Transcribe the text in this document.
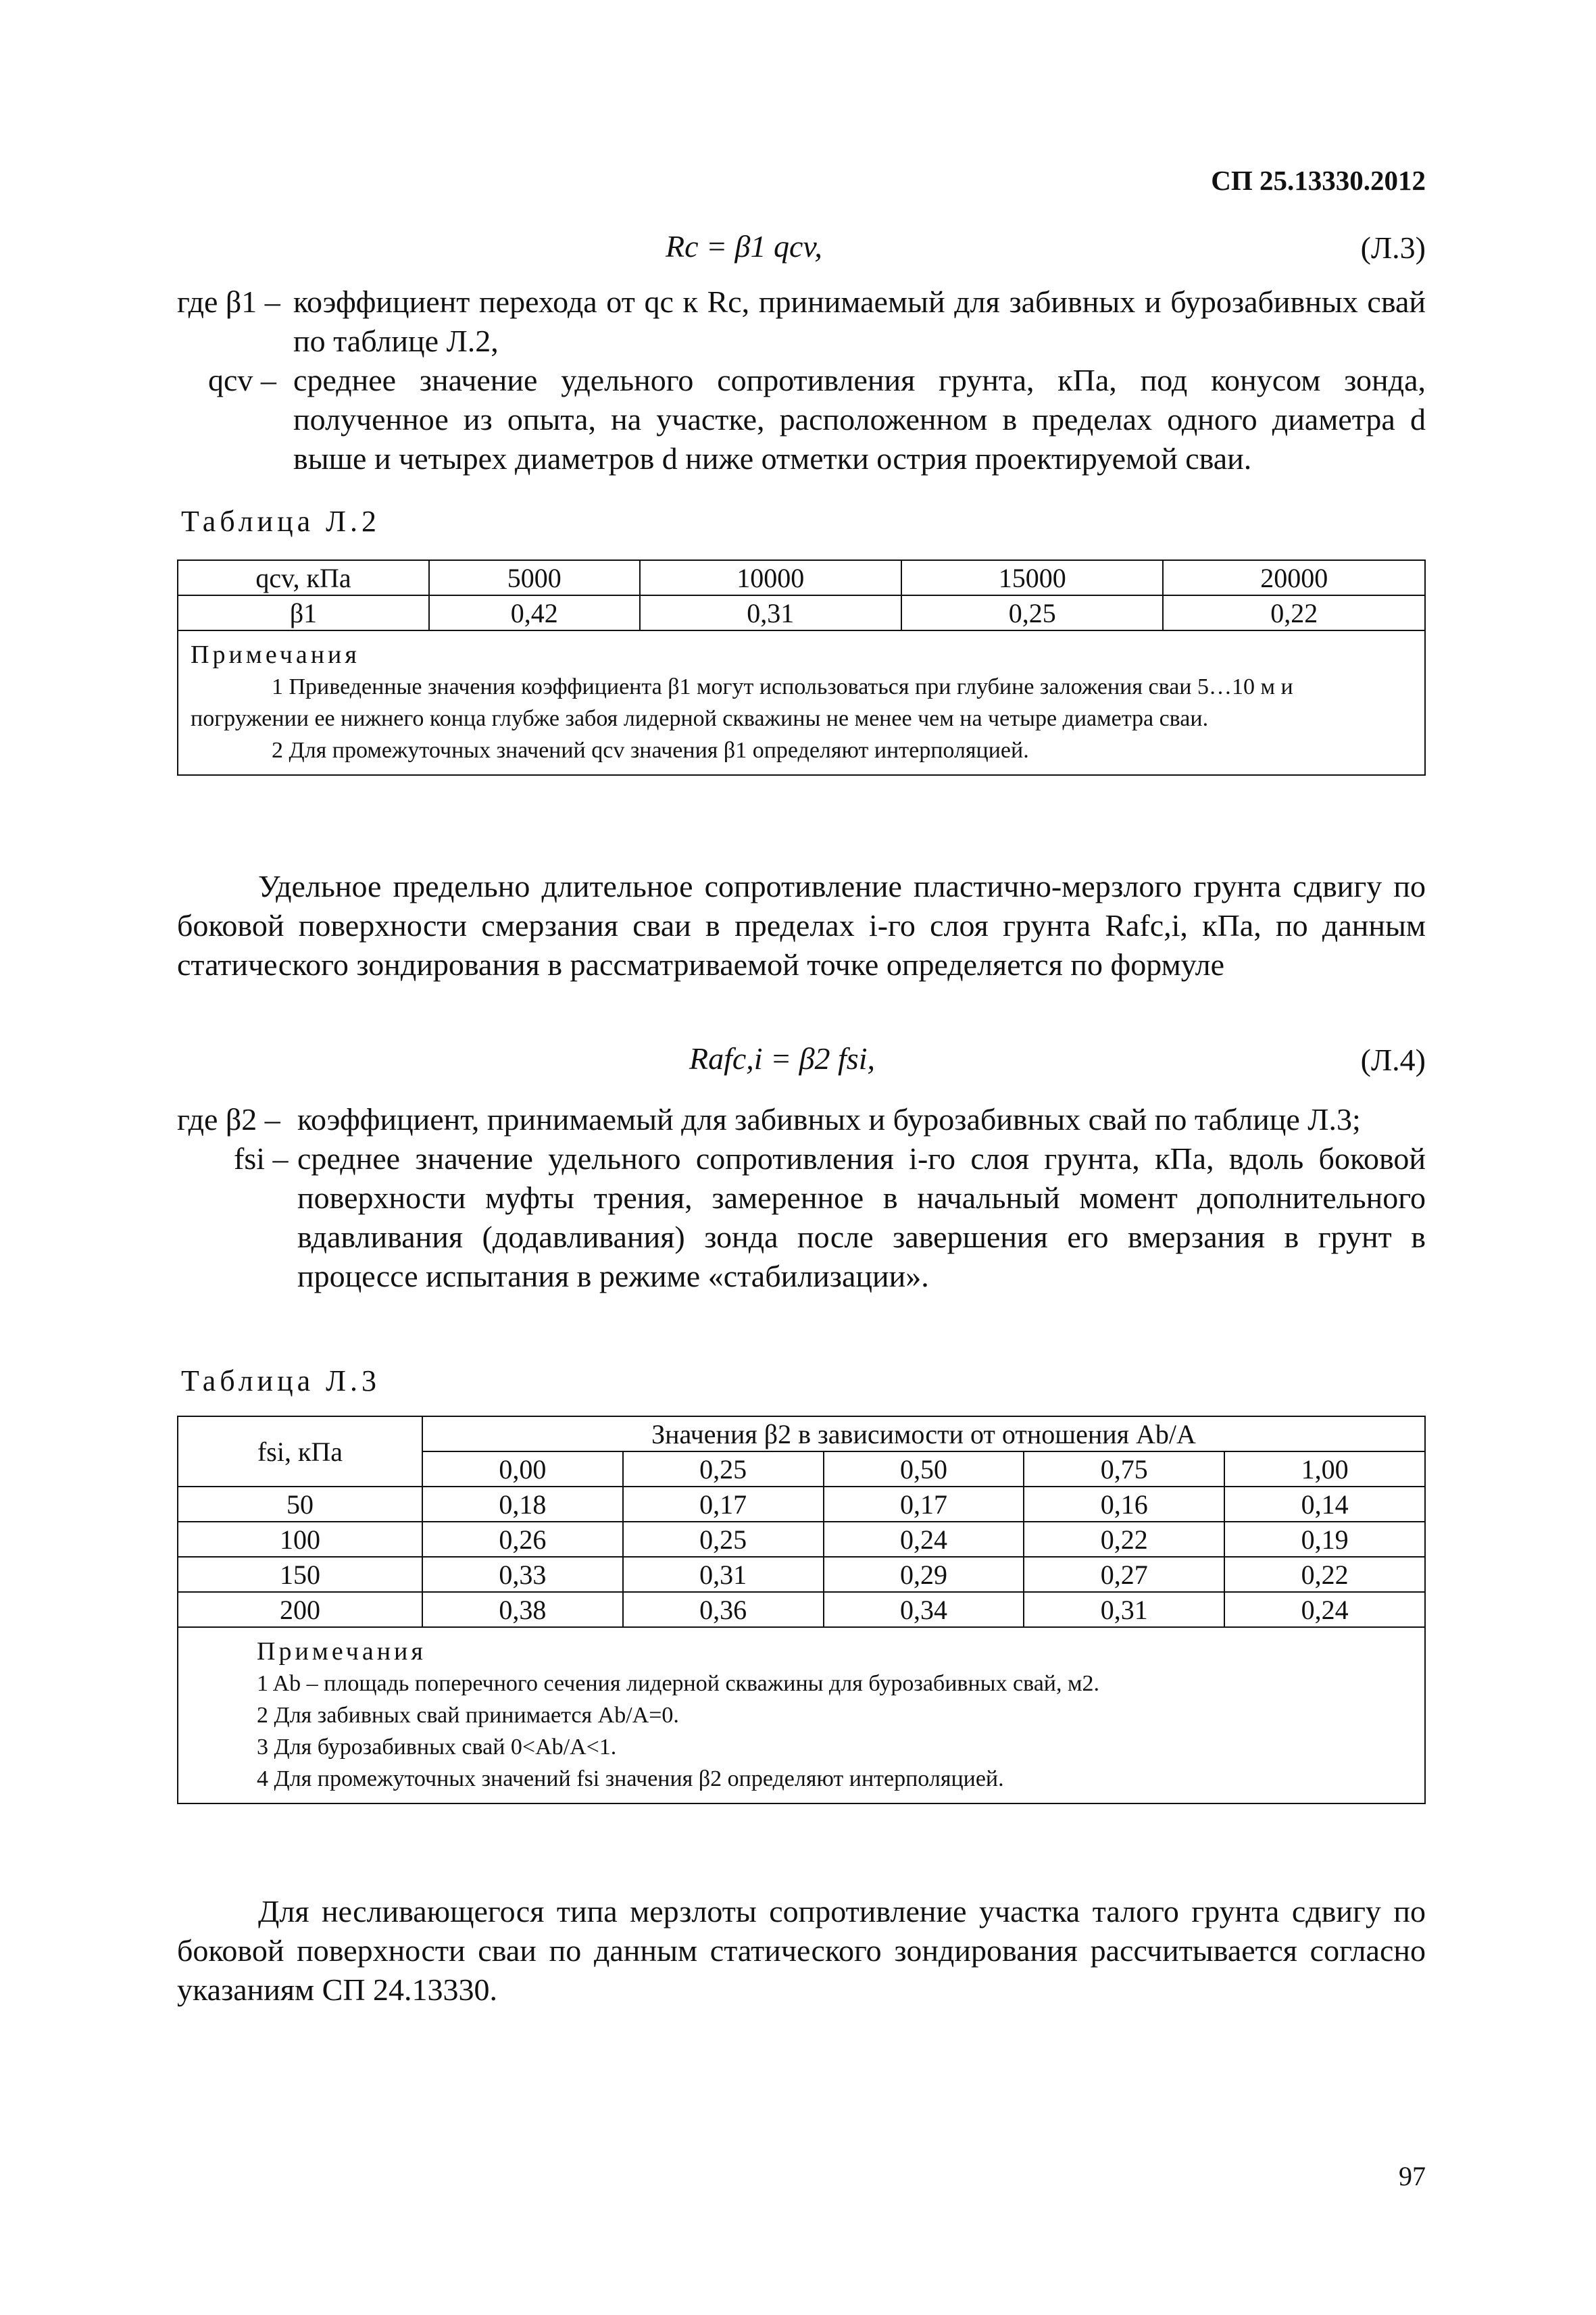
СП 25.13330.2012
Rc = β1 qcv,	(Л.3)
где β1 – коэффициент перехода от qc к Rc, принимаемый для забивных и бурозабивных свай по таблице Л.2,
qcv – среднее значение удельного сопротивления грунта, кПа, под конусом зонда, полученное из опыта, на участке, расположенном в пределах одного диаметра d выше и четырех диаметров d ниже отметки острия проектируемой сваи.
Таблица Л.2
qcv, кПа	5000	10000	15000	20000
β1	0,42	0,31	0,25	0,22

Примечания
1 Приведенные значения коэффициента β1 могут использоваться при глубине заложения сваи 5…10 м и погружении ее нижнего конца глубже забоя лидерной скважины не менее чем на четыре диаметра сваи.
2 Для промежуточных значений qcv значения β1 определяют интерполяцией.				
Удельное предельно длительное сопротивление пластично-мерзлого грунта сдвигу по боковой поверхности смерзания сваи в пределах i-го слоя грунта Rafc,i, кПа, по данным статического зондирования в рассматриваемой точке определяется по формуле
Rafc,i = β2 fsi,	(Л.4)
где β2 – коэффициент, принимаемый для забивных и бурозабивных свай по таблице Л.3;
fsi – среднее значение удельного сопротивления i-го слоя грунта, кПа, вдоль боковой поверхности муфты трения, замеренное в начальный момент дополнительного вдавливания (додавливания) зонда после завершения его вмерзания в грунт в процессе испытания в режиме «стабилизации».
Таблица Л.3
fsi, кПа	Значения β2 в зависимости от отношения Ab/A				
	0,00	0,25	0,50	0,75	1,00
50	0,18	0,17	0,17	0,16	0,14
100	0,26	0,25	0,24	0,22	0,19
150	0,33	0,31	0,29	0,27	0,22
200	0,38	0,36	0,34	0,31	0,24

Примечания
1 Ab – площадь поперечного сечения лидерной скважины для бурозабивных свай, м2.
2 Для забивных свай принимается Ab/A=0.
3 Для бурозабивных свай 0<Ab/A<1.
4 Для промежуточных значений fsi значения β2 определяют интерполяцией.					
Для несливающегося типа мерзлоты сопротивление участка талого грунта сдвигу по боковой поверхности сваи по данным статического зондирования рассчитывается согласно указаниям СП 24.13330.
97
